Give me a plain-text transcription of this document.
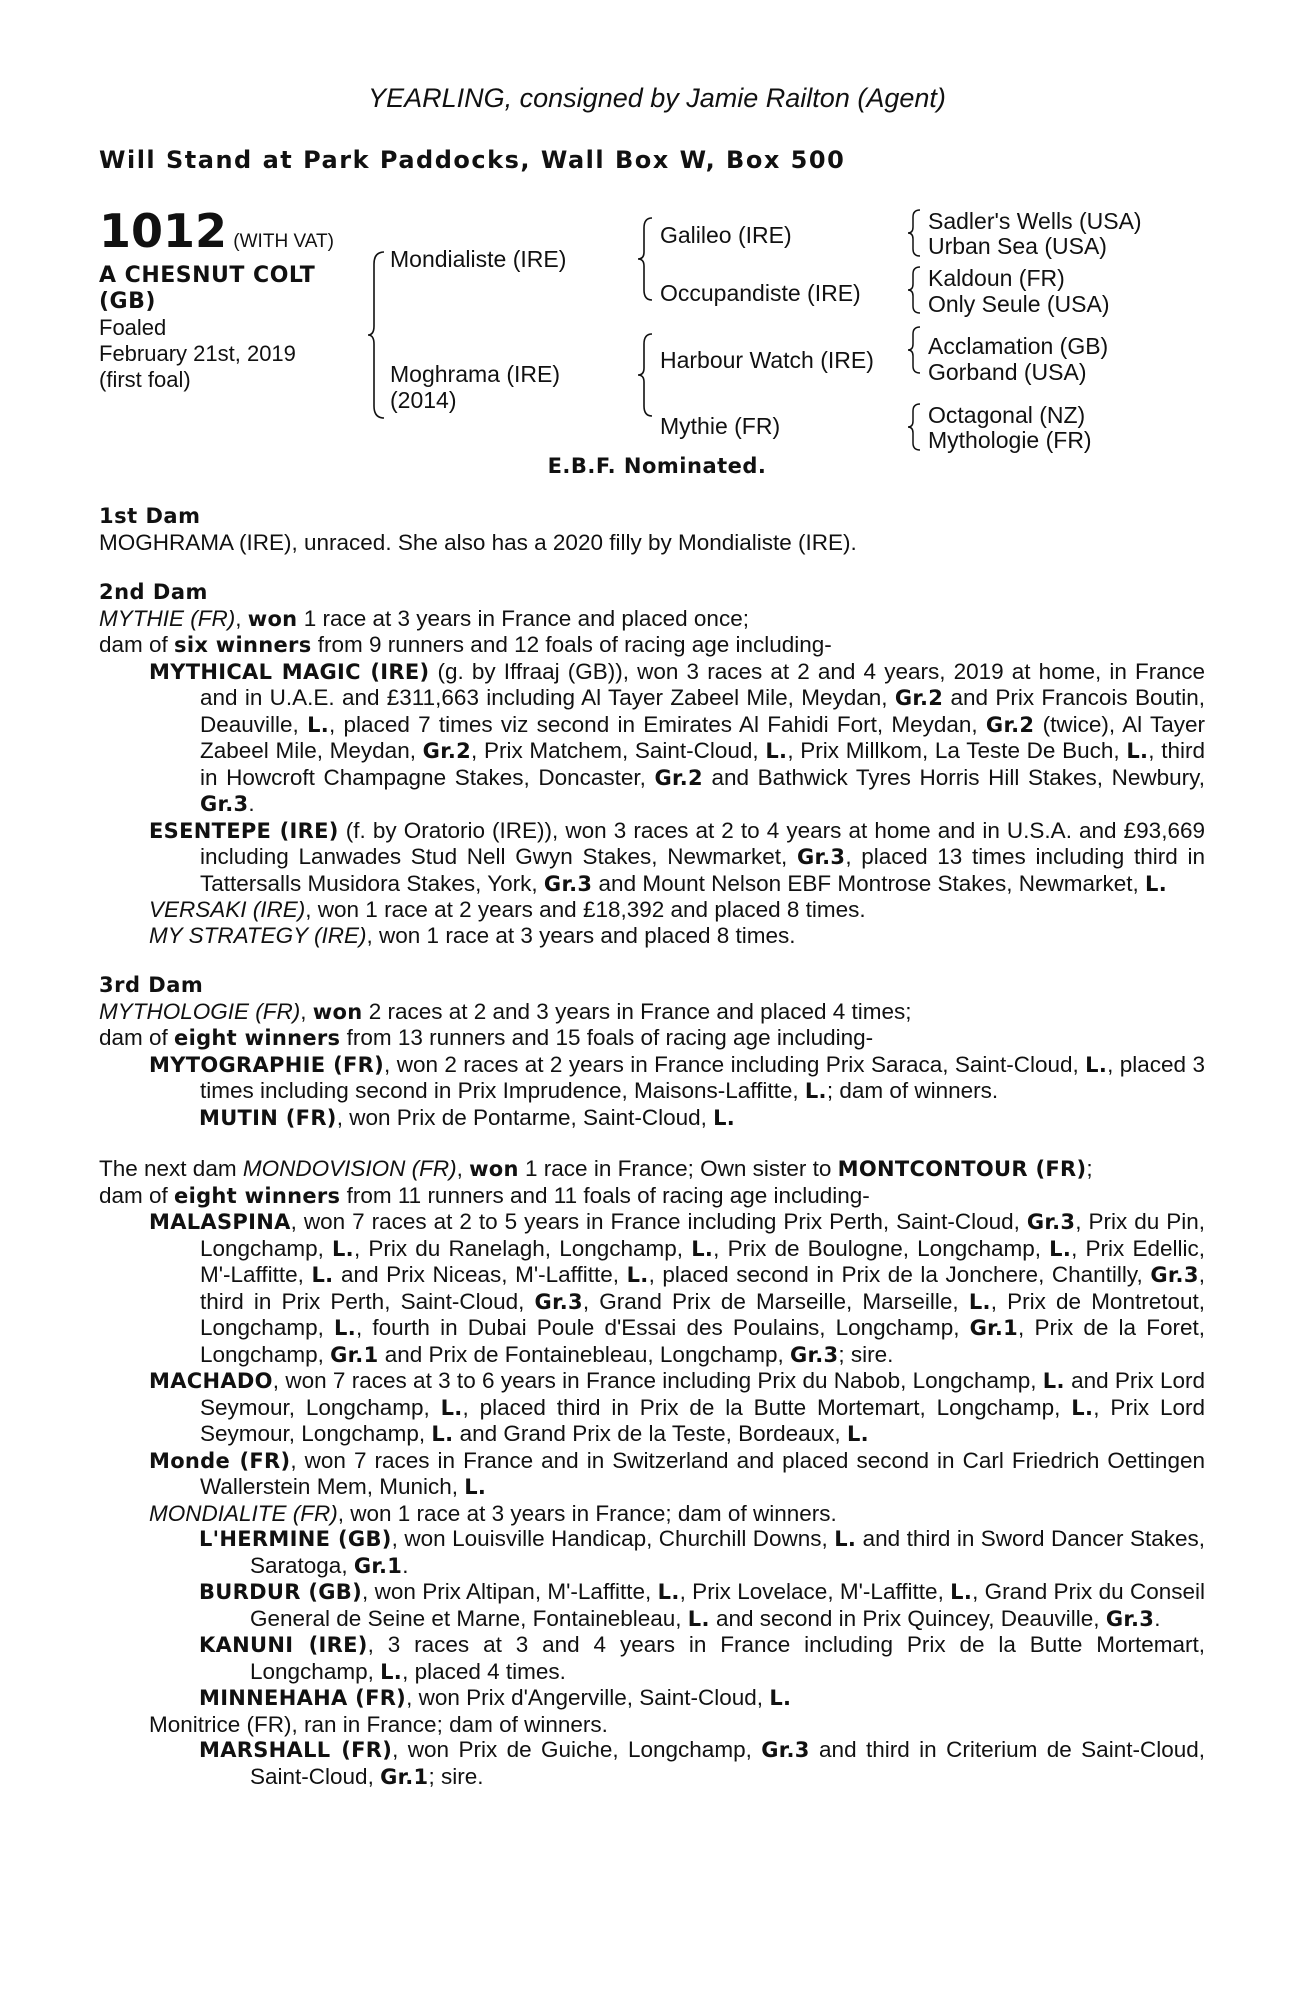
YEARLING, consigned by Jamie Railton (Agent)
Will Stand at Park Paddocks, Wall Box W, Box 500
1012 (WITH VAT)
A CHESNUT COLT
(GB)
Foaled
February 21st, 2019
(first foal)
Mondialiste (IRE)
Moghrama (IRE)
(2014)
Galileo (IRE)
Occupandiste (IRE)
Harbour Watch (IRE)
Mythie (FR)
Sadler's Wells (USA)
Urban Sea (USA)
Kaldoun (FR)
Only Seule (USA)
Acclamation (GB)
Gorband (USA)
Octagonal (NZ)
Mythologie (FR)
E.B.F. Nominated.
1st Dam
MOGHRAMA (IRE), unraced. She also has a 2020 filly by Mondialiste (IRE).
2nd Dam
MYTHIE (FR), won 1 race at 3 years in France and placed once;
dam of six winners from 9 runners and 12 foals of racing age including-
MYTHICAL MAGIC (IRE) (g. by Iffraaj (GB)), won 3 races at 2 and 4 years, 2019 at home, in France and in U.A.E. and £311,663 including Al Tayer Zabeel Mile, Meydan, Gr.2 and Prix Francois Boutin, Deauville, L., placed 7 times viz second in Emirates Al Fahidi Fort, Meydan, Gr.2 (twice), Al Tayer Zabeel Mile, Meydan, Gr.2, Prix Matchem, Saint-Cloud, L., Prix Millkom, La Teste De Buch, L., third in Howcroft Champagne Stakes, Doncaster, Gr.2 and Bathwick Tyres Horris Hill Stakes, Newbury, Gr.3.
ESENTEPE (IRE) (f. by Oratorio (IRE)), won 3 races at 2 to 4 years at home and in U.S.A. and £93,669 including Lanwades Stud Nell Gwyn Stakes, Newmarket, Gr.3, placed 13 times including third in Tattersalls Musidora Stakes, York, Gr.3 and Mount Nelson EBF Montrose Stakes, Newmarket, L.
VERSAKI (IRE), won 1 race at 2 years and £18,392 and placed 8 times.
MY STRATEGY (IRE), won 1 race at 3 years and placed 8 times.
3rd Dam
MYTHOLOGIE (FR), won 2 races at 2 and 3 years in France and placed 4 times;
dam of eight winners from 13 runners and 15 foals of racing age including-
MYTOGRAPHIE (FR), won 2 races at 2 years in France including Prix Saraca, Saint-Cloud, L., placed 3 times including second in Prix Imprudence, Maisons-Laffitte, L.; dam of winners.
MUTIN (FR), won Prix de Pontarme, Saint-Cloud, L.
The next dam MONDOVISION (FR), won 1 race in France; Own sister to MONTCONTOUR (FR);
dam of eight winners from 11 runners and 11 foals of racing age including-
MALASPINA, won 7 races at 2 to 5 years in France including Prix Perth, Saint-Cloud, Gr.3, Prix du Pin, Longchamp, L., Prix du Ranelagh, Longchamp, L., Prix de Boulogne, Longchamp, L., Prix Edellic, M'-Laffitte, L. and Prix Niceas, M'-Laffitte, L., placed second in Prix de la Jonchere, Chantilly, Gr.3, third in Prix Perth, Saint-Cloud, Gr.3, Grand Prix de Marseille, Marseille, L., Prix de Montretout, Longchamp, L., fourth in Dubai Poule d'Essai des Poulains, Longchamp, Gr.1, Prix de la Foret, Longchamp, Gr.1 and Prix de Fontainebleau, Longchamp, Gr.3; sire.
MACHADO, won 7 races at 3 to 6 years in France including Prix du Nabob, Longchamp, L. and Prix Lord Seymour, Longchamp, L., placed third in Prix de la Butte Mortemart, Longchamp, L., Prix Lord Seymour, Longchamp, L. and Grand Prix de la Teste, Bordeaux, L.
Monde (FR), won 7 races in France and in Switzerland and placed second in Carl Friedrich Oettingen Wallerstein Mem, Munich, L.
MONDIALITE (FR), won 1 race at 3 years in France; dam of winners.
L'HERMINE (GB), won Louisville Handicap, Churchill Downs, L. and third in Sword Dancer Stakes, Saratoga, Gr.1.
BURDUR (GB), won Prix Altipan, M'-Laffitte, L., Prix Lovelace, M'-Laffitte, L., Grand Prix du Conseil General de Seine et Marne, Fontainebleau, L. and second in Prix Quincey, Deauville, Gr.3.
KANUNI (IRE), 3 races at 3 and 4 years in France including Prix de la Butte Mortemart, Longchamp, L., placed 4 times.
MINNEHAHA (FR), won Prix d'Angerville, Saint-Cloud, L.
Monitrice (FR), ran in France; dam of winners.
MARSHALL (FR), won Prix de Guiche, Longchamp, Gr.3 and third in Criterium de Saint-Cloud, Saint-Cloud, Gr.1; sire.
